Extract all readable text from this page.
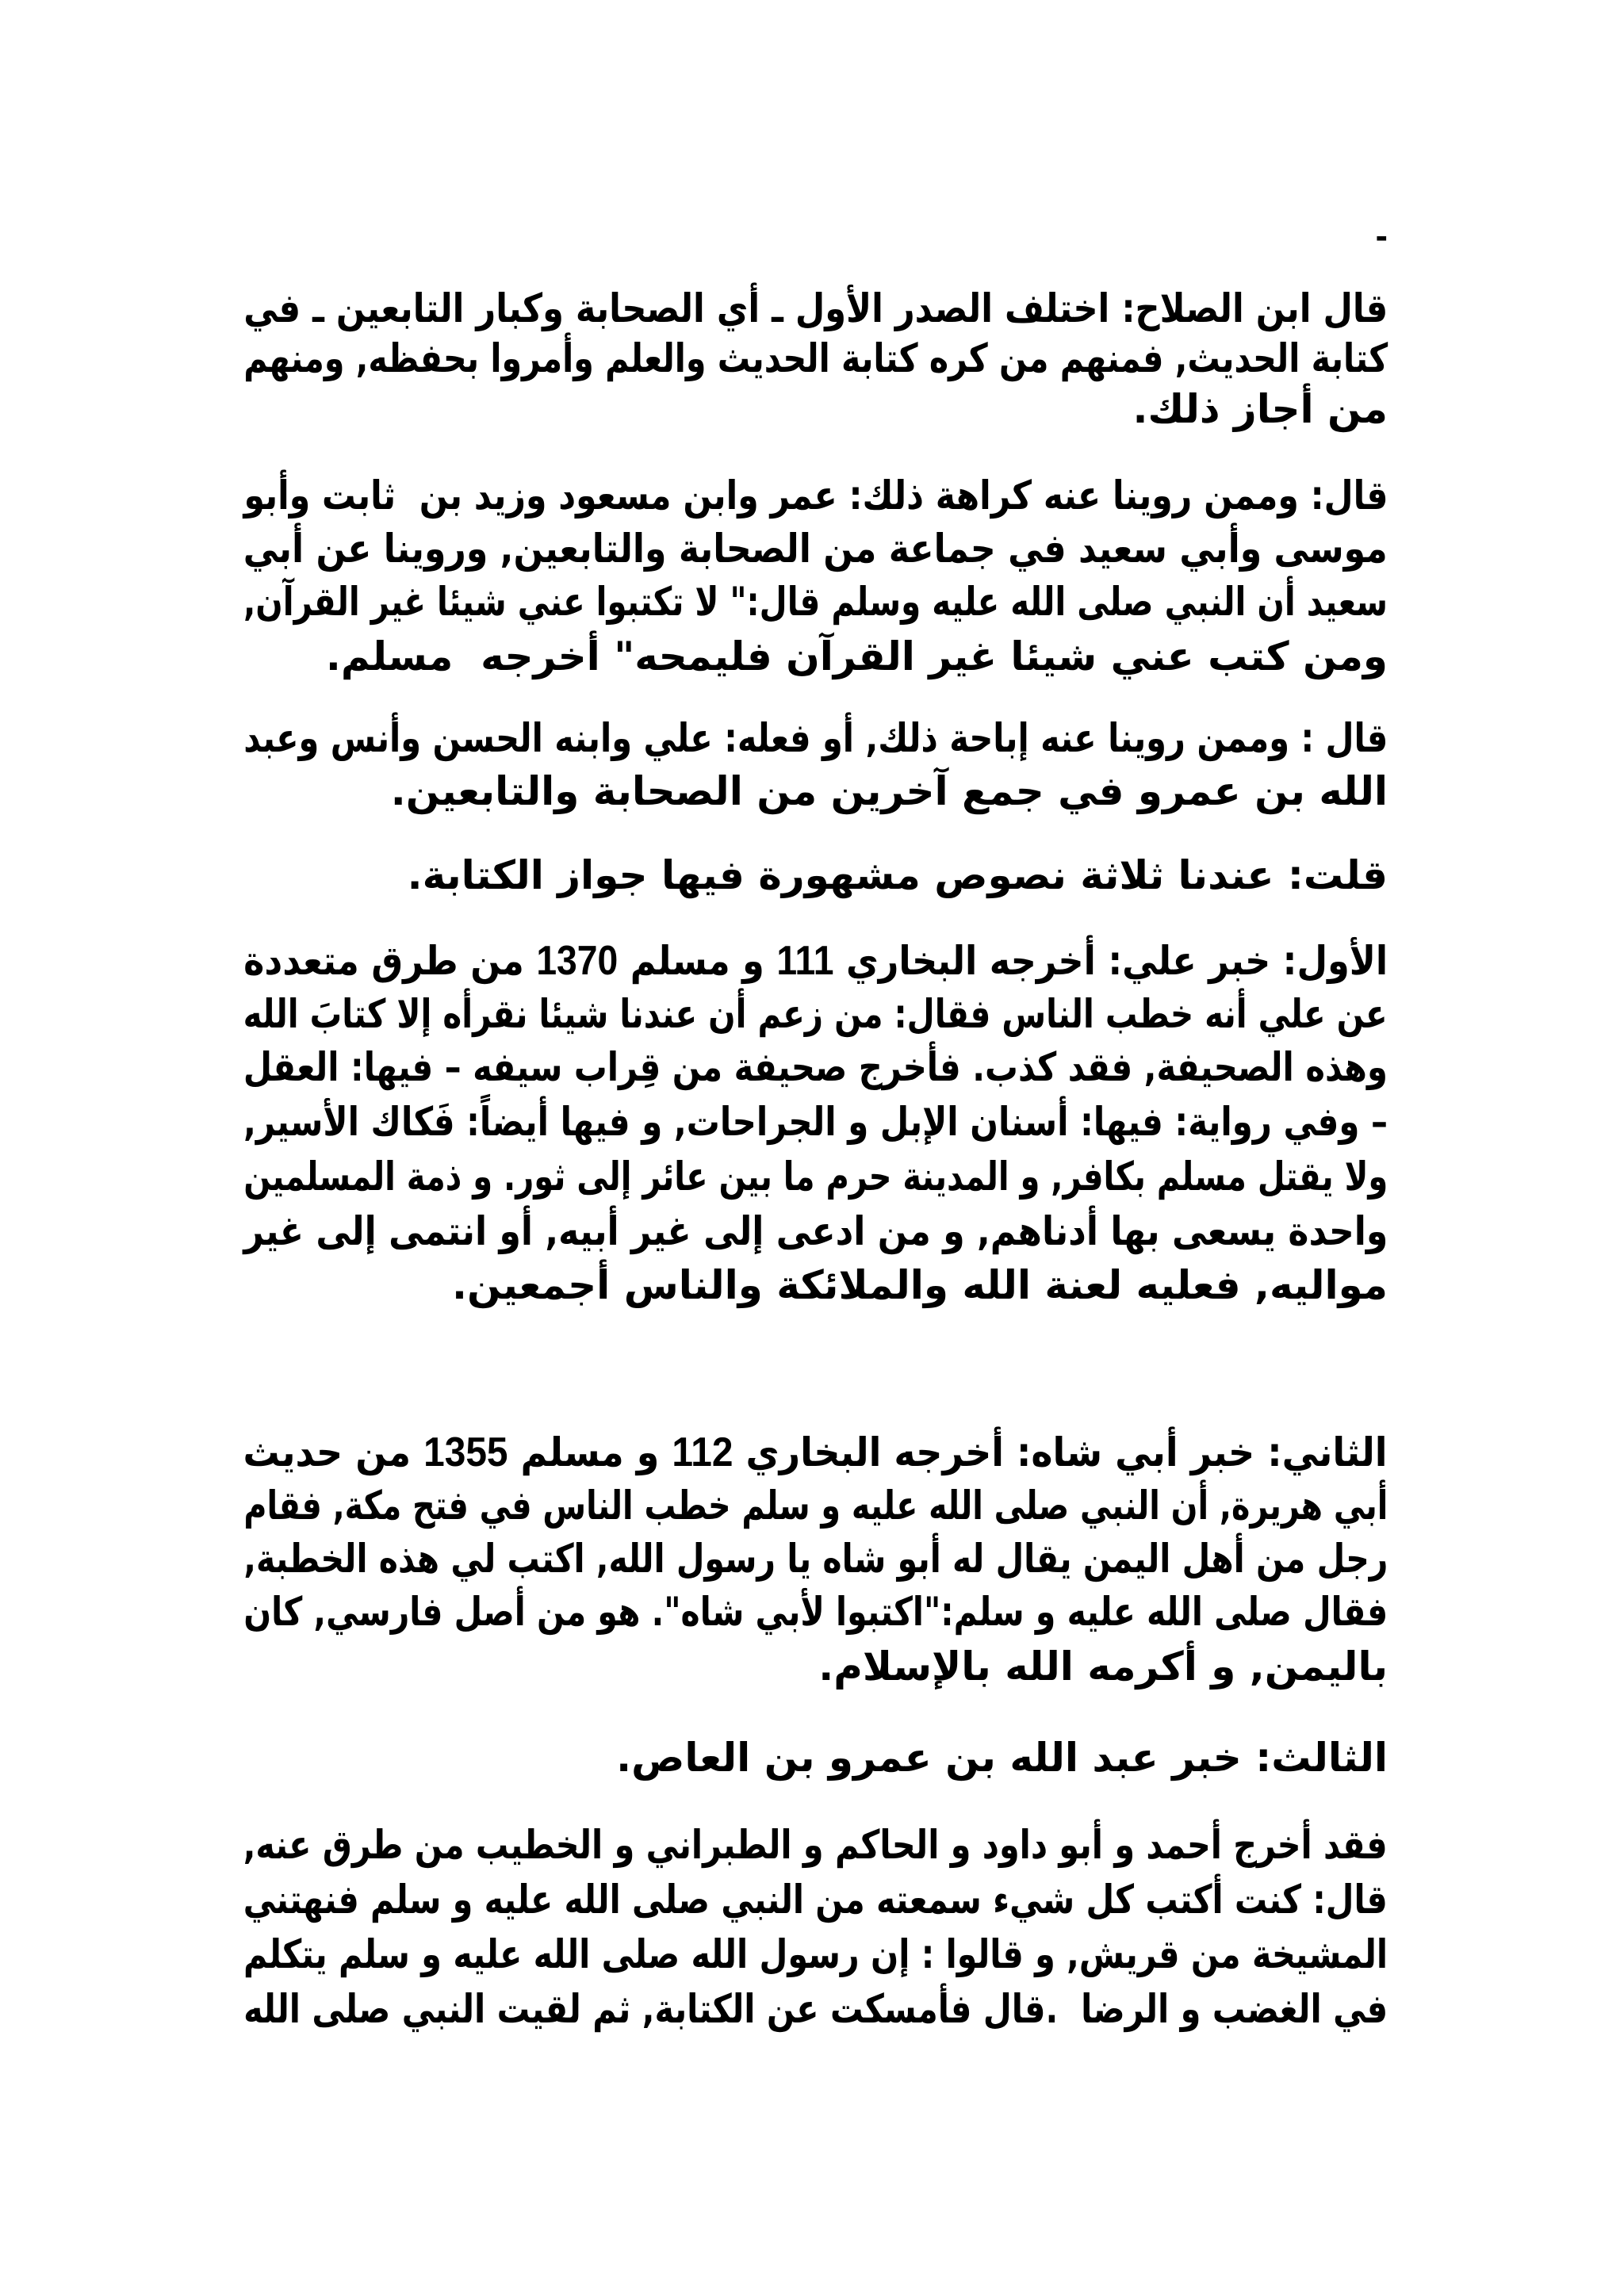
-
قال ابن الصلاح: اختلف الصدر الأول ـ أي الصحابة وكبار التابعين ـ في
كتابة الحديث, فمنهم من كره كتابة الحديث والعلم وأمروا بحفظه, ومنهم
من أجاز ذلك.
قال: وممن روينا عنه كراهة ذلك: عمر وابن مسعود وزيد بن  ثابت وأبو
موسى وأبي سعيد في جماعة من الصحابة والتابعين, وروينا عن أبي
سعيد أن النبي صلى الله عليه وسلم قال:" لا تكتبوا عني شيئا غير القرآن,
ومن كتب عني شيئا غير القرآن فليمحه" أخرجه  مسلم.
قال : وممن روينا عنه إباحة ذلك, أو فعله: علي وابنه الحسن وأنس وعبد
الله بن عمرو في جمع آخرين من الصحابة والتابعين.
قلت: عندنا ثلاثة نصوص مشهورة فيها جواز الكتابة.
الأول: خبر علي: أخرجه البخاري 111 و مسلم 1370 من طرق متعددة
عن علي أنه خطب الناس فقال: من زعم أن عندنا شيئا نقرأه إلا كتابَ الله
وهذه الصحيفة, فقد كذب. فأخرج صحيفة من قِراب سيفه – فيها: العقل
– وفي رواية: فيها: أسنان الإبل و الجراحات, و فيها أيضاً: فَكاك الأسير,
ولا يقتل مسلم بكافر, و المدينة حرم ما بين عائر إلى ثور. و ذمة المسلمين
واحدة يسعى بها أدناهم, و من ادعى إلى غير أبيه, أو انتمى إلى غير
مواليه, فعليه لعنة الله والملائكة والناس أجمعين.
الثاني: خبر أبي شاه: أخرجه البخاري 112 و مسلم 1355 من حديث
أبي هريرة, أن النبي صلى الله عليه و سلم خطب الناس في فتح مكة, فقام
رجل من أهل اليمن يقال له أبو شاه يا رسول الله, اكتب لي هذه الخطبة,
فقال صلى الله عليه و سلم:"اكتبوا لأبي شاه". هو من أصل فارسي, كان
باليمن, و أكرمه الله بالإسلام.
الثالث: خبر عبد الله بن عمرو بن العاص.
فقد أخرج أحمد و أبو داود و الحاكم و الطبراني و الخطيب من طرق عنه,
قال: كنت أكتب كل شيء سمعته من النبي صلى الله عليه و سلم فنهتني
المشيخة من قريش, و قالوا : إن رسول الله صلى الله عليه و سلم يتكلم
في الغضب و الرضا  .قال فأمسكت عن الكتابة, ثم لقيت النبي صلى الله
